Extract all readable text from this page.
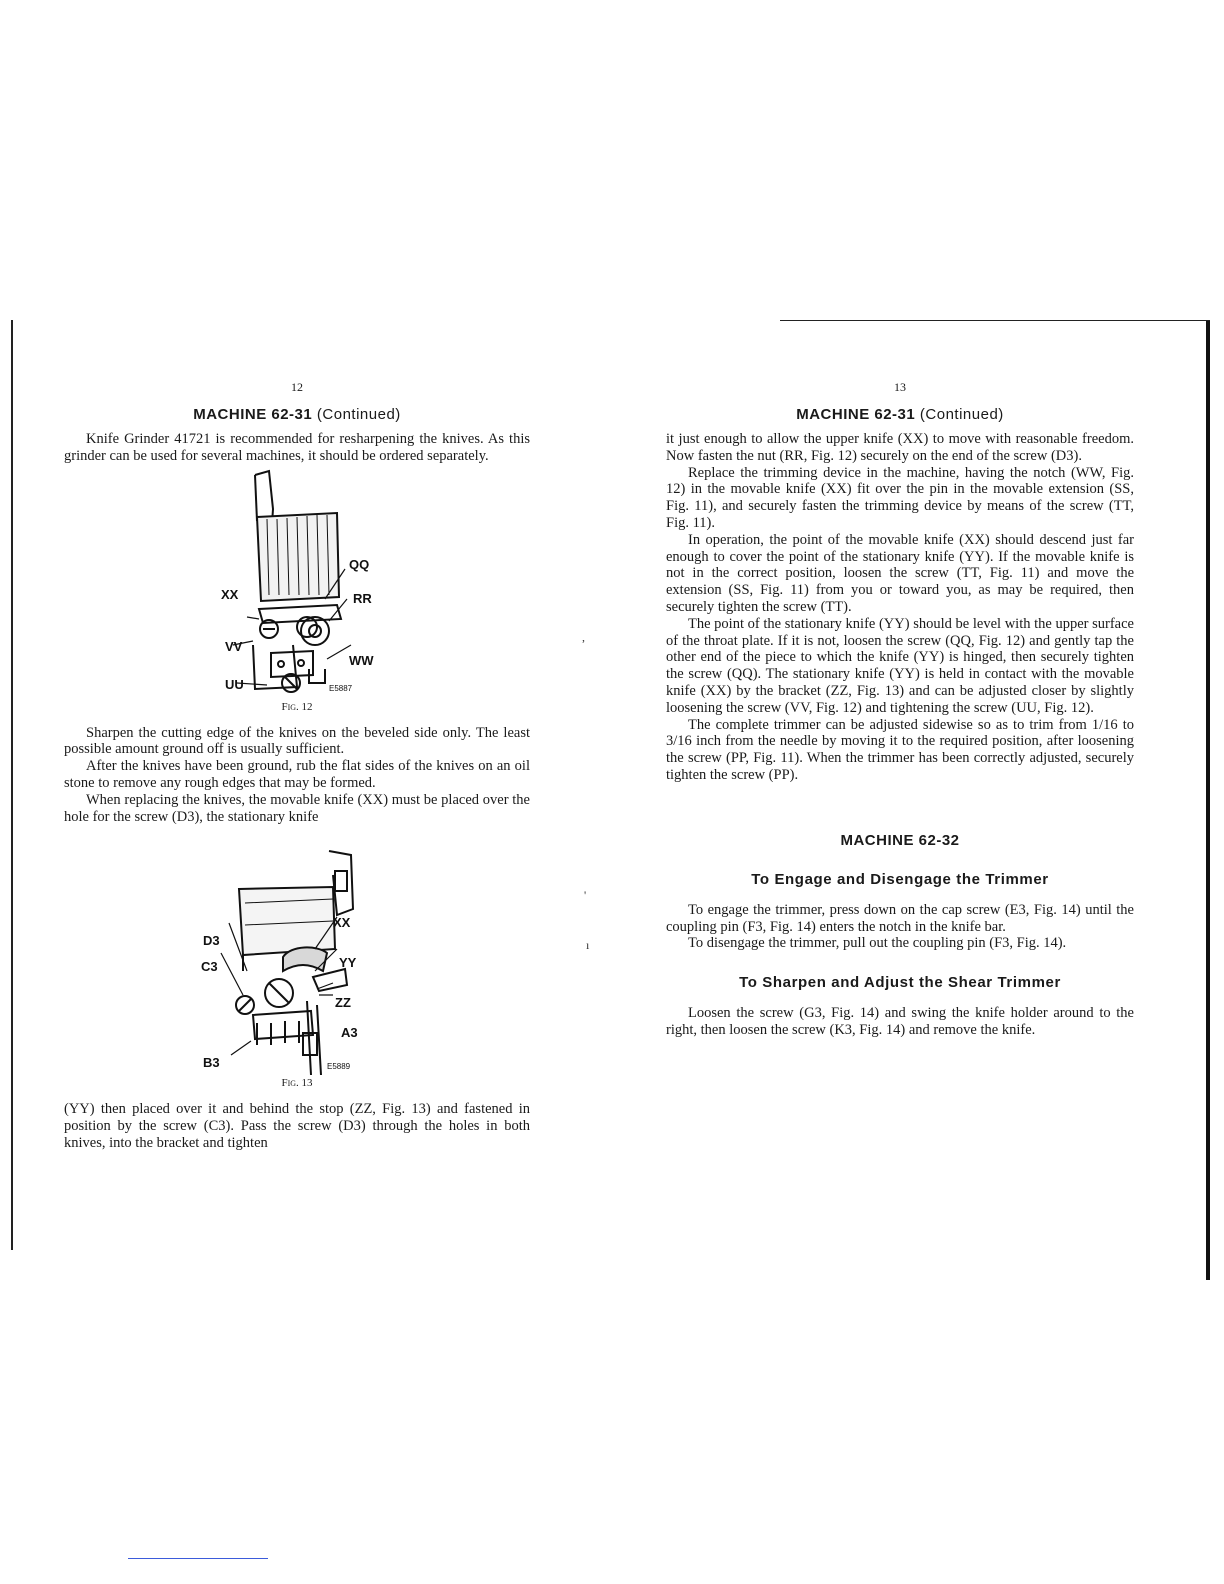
,
'
ı
12
MACHINE 62-31 (Continued)

Knife Grinder 41721 is recommended for resharpening the knives. As this grinder can be used for several machines, it should be ordered separately.

QQ
XX	RR
VV
WW
UU	E5887
Fig. 12

Sharpen the cutting edge of the knives on the beveled side only. The least possible amount ground off is usually sufficient.

After the knives have been ground, rub the flat sides of the knives on an oil stone to remove any rough edges that may be formed.

When replacing the knives, the movable knife (XX) must be placed over the hole for the screw (D3), the stationary knife

XX
D3
C3	YY
ZZ
A3
B3	E5889
Fig. 13

(YY) then placed over it and behind the stop (ZZ, Fig. 13) and fastened in position by the screw (C3). Pass the screw (D3) through the holes in both knives, into the bracket and tighten

13
MACHINE 62-31 (Continued)

it just enough to allow the upper knife (XX) to move with reasonable freedom. Now fasten the nut (RR, Fig. 12) securely on the end of the screw (D3).

Replace the trimming device in the machine, having the notch (WW, Fig. 12) in the movable knife (XX) fit over the pin in the movable extension (SS, Fig. 11), and securely fasten the trimming device by means of the screw (TT, Fig. 11).

In operation, the point of the movable knife (XX) should descend just far enough to cover the point of the stationary knife (YY). If the movable knife is not in the correct position, loosen the screw (TT, Fig. 11) and move the extension (SS, Fig. 11) from you or toward you, as may be required, then securely tighten the screw (TT).

The point of the stationary knife (YY) should be level with the upper surface of the throat plate. If it is not, loosen the screw (QQ, Fig. 12) and gently tap the other end of the piece to which the knife (YY) is hinged, then securely tighten the screw (QQ). The stationary knife (YY) is held in contact with the movable knife (XX) by the bracket (ZZ, Fig. 13) and can be adjusted closer by slightly loosening the screw (VV, Fig. 12) and tightening the screw (UU, Fig. 12).

The complete trimmer can be adjusted sidewise so as to trim from 1/16 to 3/16 inch from the needle by moving it to the required position, after loosening the screw (PP, Fig. 11). When the trimmer has been correctly adjusted, securely tighten the screw (PP).

MACHINE 62-32
To Engage and Disengage the Trimmer

To engage the trimmer, press down on the cap screw (E3, Fig. 14) until the coupling pin (F3, Fig. 14) enters the notch in the knife bar.

To disengage the trimmer, pull out the coupling pin (F3, Fig. 14).

To Sharpen and Adjust the Shear Trimmer

Loosen the screw (G3, Fig. 14) and swing the knife holder around to the right, then loosen the screw (K3, Fig. 14) and remove the knife.
